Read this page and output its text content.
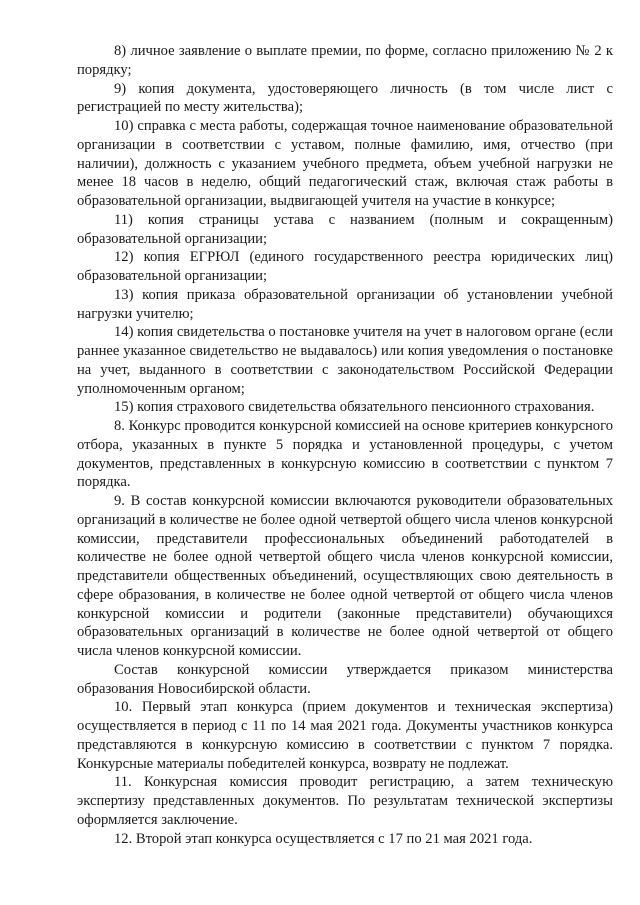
8) личное заявление о выплате премии, по форме, согласно приложению № 2 к порядку;

9) копия документа, удостоверяющего личность (в том числе лист с регистрацией по месту жительства);

10) справка с места работы, содержащая точное наименование образовательной организации в соответствии с уставом, полные фамилию, имя, отчество (при наличии), должность с указанием учебного предмета, объем учебной нагрузки не менее 18 часов в неделю, общий педагогический стаж, включая стаж работы в образовательной организации, выдвигающей учителя на участие в конкурсе;

11) копия страницы устава с названием (полным и сокращенным) образовательной организации;

12) копия ЕГРЮЛ (единого государственного реестра юридических лиц) образовательной организации;

13) копия приказа образовательной организации об установлении учебной нагрузки учителю;

14) копия свидетельства о постановке учителя на учет в налоговом органе (если раннее указанное свидетельство не выдавалось) или копия уведомления о постановке на учет, выданного в соответствии с законодательством Российской Федерации уполномоченным органом;

15) копия страхового свидетельства обязательного пенсионного страхования.

8. Конкурс проводится конкурсной комиссией на основе критериев конкурсного отбора, указанных в пункте 5 порядка и установленной процедуры, с учетом документов, представленных в конкурсную комиссию в соответствии с пунктом 7 порядка.

9. В состав конкурсной комиссии включаются руководители образовательных организаций в количестве не более одной четвертой общего числа членов конкурсной комиссии, представители профессиональных объединений работодателей в количестве не более одной четвертой общего числа членов конкурсной комиссии, представители общественных объединений, осуществляющих свою деятельность в сфере образования, в количестве не более одной четвертой от общего числа членов конкурсной комиссии и родители (законные представители) обучающихся образовательных организаций в количестве не более одной четвертой от общего числа членов конкурсной комиссии.

Состав конкурсной комиссии утверждается приказом министерства образования Новосибирской области.

10. Первый этап конкурса (прием документов и техническая экспертиза) осуществляется в период с 11 по 14 мая 2021 года. Документы участников конкурса представляются в конкурсную комиссию в соответствии с пунктом 7 порядка. Конкурсные материалы победителей конкурса, возврату не подлежат.

11. Конкурсная комиссия проводит регистрацию, а затем техническую экспертизу представленных документов. По результатам технической экспертизы оформляется заключение.

12. Второй этап конкурса осуществляется с 17 по 21 мая 2021 года.
